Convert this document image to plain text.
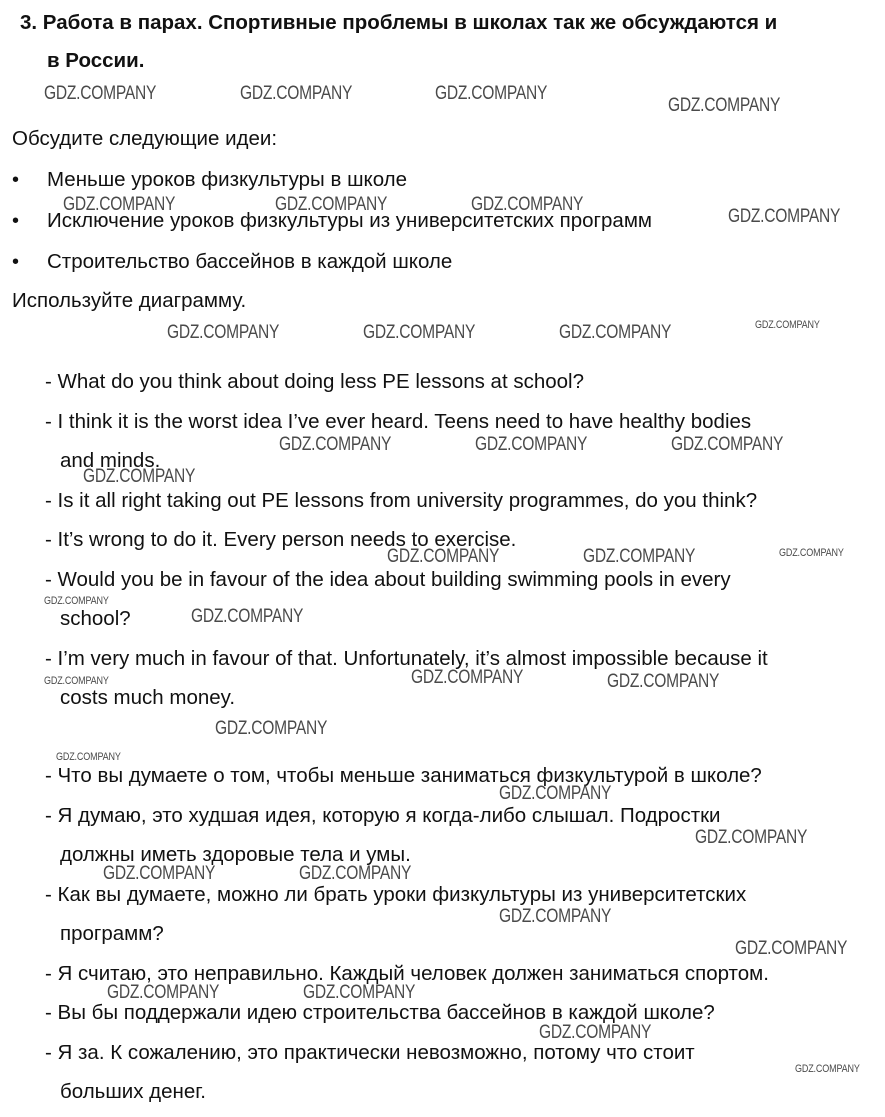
3. Работа в парах. Спортивные проблемы в школах так же обсуждаются и
в России.

Обсудите следующие идеи:

• Меньше уроков физкультуры в школе
• Исключение уроков физкультуры из университетских программ
• Строительство бассейнов в каждой школе

Используйте диаграмму.

- What do you think about doing less PE lessons at school?
- I think it is the worst idea I’ve ever heard. Teens need to have healthy bodies
and minds.
- Is it all right taking out PE lessons from university programmes, do you think?
- It’s wrong to do it. Every person needs to exercise.
- Would you be in favour of the idea about building swimming pools in every
school?
- I’m very much in favour of that. Unfortunately, it’s almost impossible because it
costs much money.
- Что вы думаете о том, чтобы меньше заниматься физкультурой в школе?
- Я думаю, это худшая идея, которую я когда-либо слышал. Подростки
должны иметь здоровые тела и умы.
- Как вы думаете, можно ли брать уроки физкультуры из университетских
программ?
- Я считаю, это неправильно. Каждый человек должен заниматься спортом.
- Вы бы поддержали идею строительства бассейнов в каждой школе?
- Я за. К сожалению, это практически невозможно, потому что стоит
больших денег.
GDZ.COMPANY	GDZ.COMPANY	GDZ.COMPANY
GDZ.COMPANY
GDZ.COMPANY	GDZ.COMPANY	GDZ.COMPANY
GDZ.COMPANY
GDZ.COMPANY	GDZ.COMPANY	GDZ.COMPANY	GDZ.COMPANY
GDZ.COMPANY	GDZ.COMPANY	GDZ.COMPANY
GDZ.COMPANY
GDZ.COMPANY	GDZ.COMPANY	GDZ.COMPANY
GDZ.COMPANY
GDZ.COMPANY
GDZ.COMPANY	GDZ.COMPANY	GDZ.COMPANY
GDZ.COMPANY
GDZ.COMPANY
GDZ.COMPANY
GDZ.COMPANY
GDZ.COMPANY	GDZ.COMPANY
GDZ.COMPANY
GDZ.COMPANY
GDZ.COMPANY	GDZ.COMPANY
GDZ.COMPANY
GDZ.COMPANY
